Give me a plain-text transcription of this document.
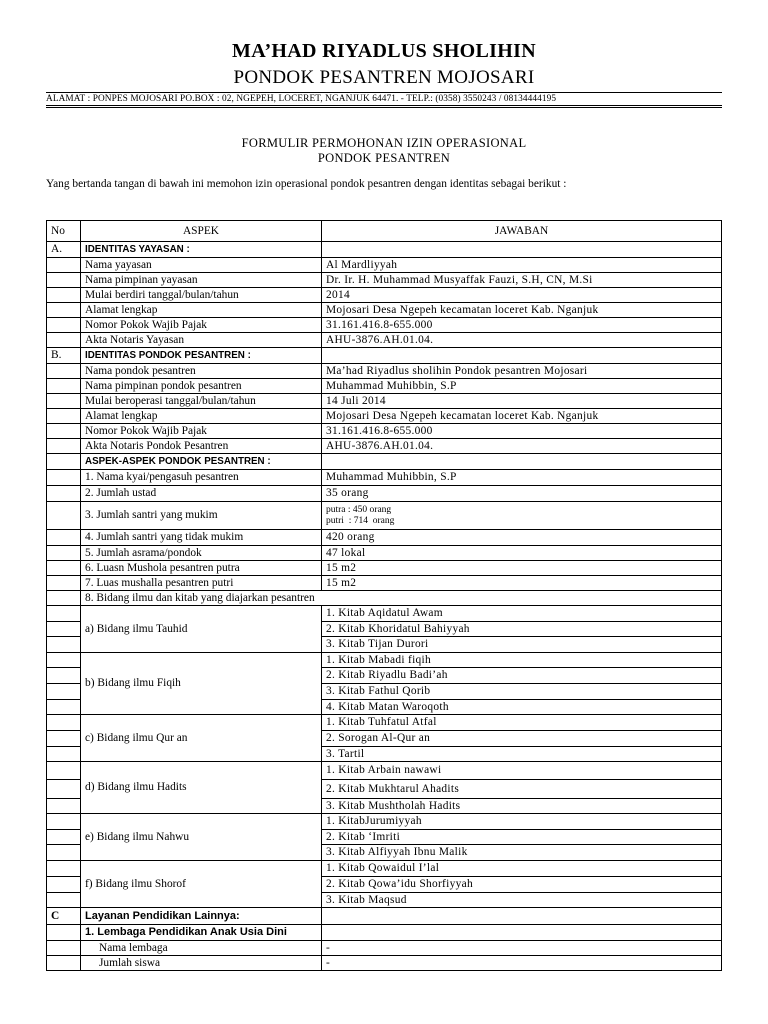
MA’HAD RIYADLUS SHOLIHIN
PONDOK PESANTREN MOJOSARI
ALAMAT : PONPES MOJOSARI PO.BOX : 02, NGEPEH, LOCERET, NGANJUK 64471. - TELP.: (0358) 3550243 / 08134444195
FORMULIR PERMOHONAN IZIN OPERASIONAL
PONDOK PESANTREN
Yang bertanda tangan di bawah ini memohon izin operasional pondok pesantren dengan identitas sebagai berikut :
No	ASPEK	JAWABAN
A.	IDENTITAS YAYASAN :	
	Nama yayasan	Al Mardliyyah
	Nama pimpinan yayasan	Dr. Ir. H. Muhammad Musyaffak Fauzi, S.H, CN, M.Si
	Mulai berdiri tanggal/bulan/tahun	2014
	Alamat lengkap	Mojosari Desa Ngepeh kecamatan loceret Kab. Nganjuk
	Nomor Pokok Wajib Pajak	31.161.416.8-655.000
	Akta Notaris Yayasan	AHU-3876.AH.01.04.
B.	IDENTITAS PONDOK PESANTREN :	
	Nama pondok pesantren	Ma’had Riyadlus sholihin Pondok pesantren Mojosari
	Nama pimpinan pondok pesantren	Muhammad Muhibbin, S.P
	Mulai beroperasi tanggal/bulan/tahun	14 Juli 2014
	Alamat lengkap	Mojosari Desa Ngepeh kecamatan loceret Kab. Nganjuk
	Nomor Pokok Wajib Pajak	31.161.416.8-655.000
	Akta Notaris Pondok Pesantren	AHU-3876.AH.01.04.
	ASPEK-ASPEK PONDOK PESANTREN :	
	1. Nama kyai/pengasuh pesantren	Muhammad Muhibbin, S.P
	2. Jumlah ustad	35 orang
	3. Jumlah santri yang mukim	putra : 450 orang
putri  : 714  orang

	4. Jumlah santri yang tidak mukim	420 orang
	5. Jumlah asrama/pondok	47 lokal
	6. Luasn Mushola pesantren putra	15 m2
	7. Luas mushalla pesantren putri	15 m2
	8. Bidang ilmu dan kitab yang diajarkan pesantren	
	a) Bidang ilmu Tauhid	1. Kitab Aqidatul Awam
		2. Kitab Khoridatul Bahiyyah
		3. Kitab Tijan Durori
	b) Bidang ilmu Fiqih	1. Kitab Mabadi fiqih
		2. Kitab Riyadlu Badi’ah
		3. Kitab Fathul Qorib
		4. Kitab Matan Waroqoth
	c) Bidang ilmu Qur an	1. Kitab Tuhfatul Atfal
		2. Sorogan Al-Qur an
		3. Tartil
	d) Bidang ilmu Hadits	1. Kitab Arbain nawawi
		2. Kitab Mukhtarul Ahadits
		3. Kitab Mushtholah Hadits
	e) Bidang ilmu Nahwu	1. KitabJurumiyyah
		2. Kitab ‘Imriti
		3. Kitab Alfiyyah Ibnu Malik
	f) Bidang ilmu Shorof	1. Kitab Qowaidul I’lal
		2. Kitab Qowa’idu Shorfiyyah
		3. Kitab Maqsud
C	Layanan Pendidikan Lainnya:	
	1. Lembaga Pendidikan Anak Usia Dini	
	Nama lembaga	-
	Jumlah siswa	-
